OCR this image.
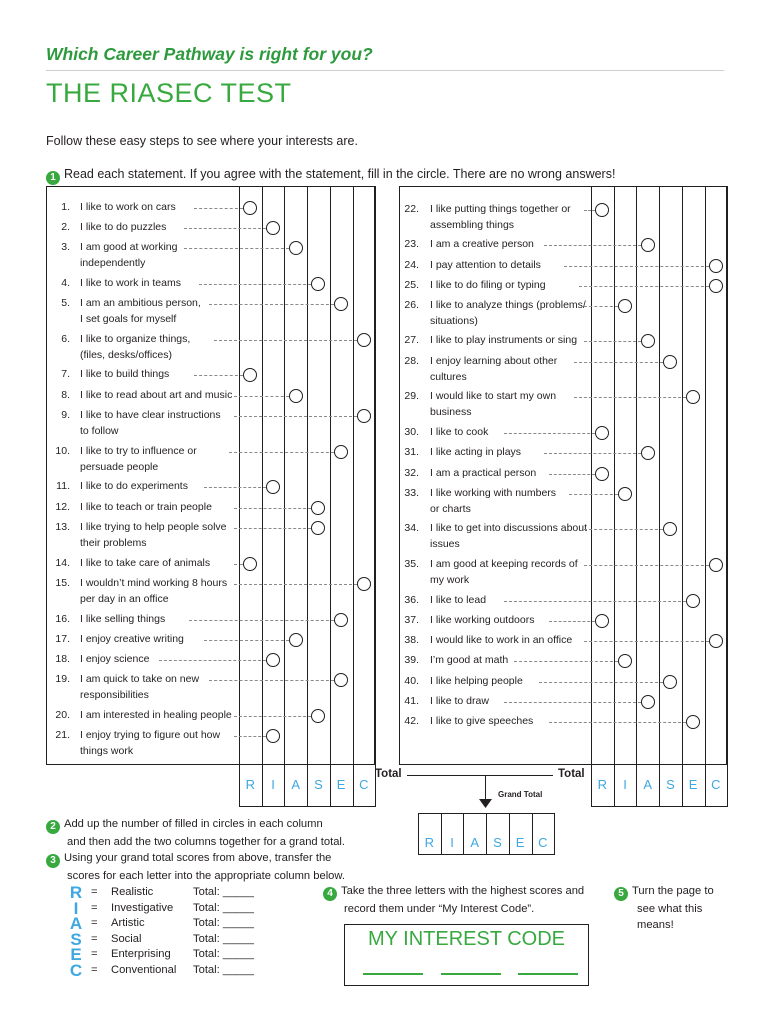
Which Career Pathway is right for you?
THE RIASEC TEST
Follow these easy steps to see where your interests are.
1 Read each statement. If you agree with the statement, fill in the circle. There are no wrong answers!
R	I	A	S	E	C
1. I like to work on cars
2. I like to do puzzles
3. I am good at working
independently
4. I like to work in teams
5. I am an ambitious person,
I set goals for myself
6. I like to organize things,
(files, desks/offices)
7. I like to build things
8. I like to read about art and music
9. I like to have clear instructions
to follow
10. I like to try to influence or
persuade people
11. I like to do experiments
12. I like to teach or train people
13. I like trying to help people solve
their problems
14. I like to take care of animals
15. I wouldn’t mind working 8 hours
per day in an office
16. I like selling things
17. I enjoy creative writing
18. I enjoy science
19. I am quick to take on new
responsibilities
20. I am interested in healing people
21. I enjoy trying to figure out how
things work
R	I	A	S	E	C
22. I like putting things together or
assembling things
23. I am a creative person
24. I pay attention to details
25. I like to do filing or typing
26. I like to analyze things (problems/
situations)
27. I like to play instruments or sing
28. I enjoy learning about other
cultures
29. I would like to start my own
business
30. I like to cook
31. I like acting in plays
32. I am a practical person
33. I like working with numbers
or charts
34. I like to get into discussions about
issues
35. I am good at keeping records of
my work
36. I like to lead
37. I like working outdoors
38. I would like to work in an office
39. I’m good at math
40. I like helping people
41. I like to draw
42. I like to give speeches
Total	Total
Grand Total
R	I	A	S	E	C
2 Add up the number of filled in circles in each column
and then add the two columns together for a grand total.
3 Using your grand total scores from above, transfer the
scores for each letter into the appropriate column below.
R = Realistic	Total: _____
I	= Investigative Total: _____
A = Artistic	Total: _____
S = Social	Total: _____
E = Enterprising Total: _____
C = Conventional Total: _____
4 Take the three letters with the highest scores and
record them under “My Interest Code”.
5 Turn the page to
see what this
means!
MY INTEREST CODE
